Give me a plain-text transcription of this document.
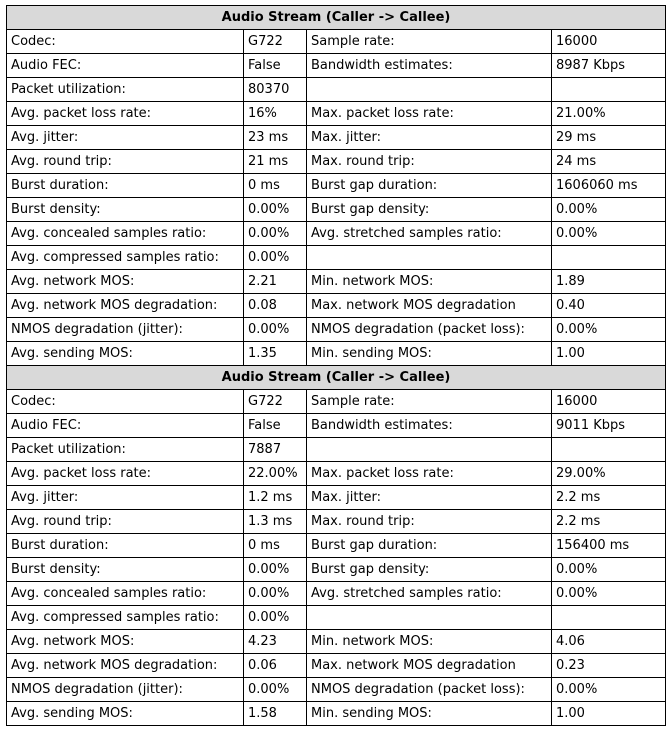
Audio Stream (Caller -> Callee)			
Codec:	G722	Sample rate:	16000
Audio FEC:	False	Bandwidth estimates:	8987 Kbps
Packet utilization:	80370		
Avg. packet loss rate:	16%	Max. packet loss rate:	21.00%
Avg. jitter:	23 ms	Max. jitter:	29 ms
Avg. round trip:	21 ms	Max. round trip:	24 ms
Burst duration:	0 ms	Burst gap duration:	1606060 ms
Burst density:	0.00%	Burst gap density:	0.00%
Avg. concealed samples ratio:	0.00%	Avg. stretched samples ratio:	0.00%
Avg. compressed samples ratio:	0.00%		
Avg. network MOS:	2.21	Min. network MOS:	1.89
Avg. network MOS degradation:	0.08	Max. network MOS degradation	0.40
NMOS degradation (jitter):	0.00%	NMOS degradation (packet loss):	0.00%
Avg. sending MOS:	1.35	Min. sending MOS:	1.00
Audio Stream (Caller -> Callee)			
Codec:	G722	Sample rate:	16000
Audio FEC:	False	Bandwidth estimates:	9011 Kbps
Packet utilization:	7887		
Avg. packet loss rate:	22.00%	Max. packet loss rate:	29.00%
Avg. jitter:	1.2 ms	Max. jitter:	2.2 ms
Avg. round trip:	1.3 ms	Max. round trip:	2.2 ms
Burst duration:	0 ms	Burst gap duration:	156400 ms
Burst density:	0.00%	Burst gap density:	0.00%
Avg. concealed samples ratio:	0.00%	Avg. stretched samples ratio:	0.00%
Avg. compressed samples ratio:	0.00%		
Avg. network MOS:	4.23	Min. network MOS:	4.06
Avg. network MOS degradation:	0.06	Max. network MOS degradation	0.23
NMOS degradation (jitter):	0.00%	NMOS degradation (packet loss):	0.00%
Avg. sending MOS:	1.58	Min. sending MOS:	1.00
